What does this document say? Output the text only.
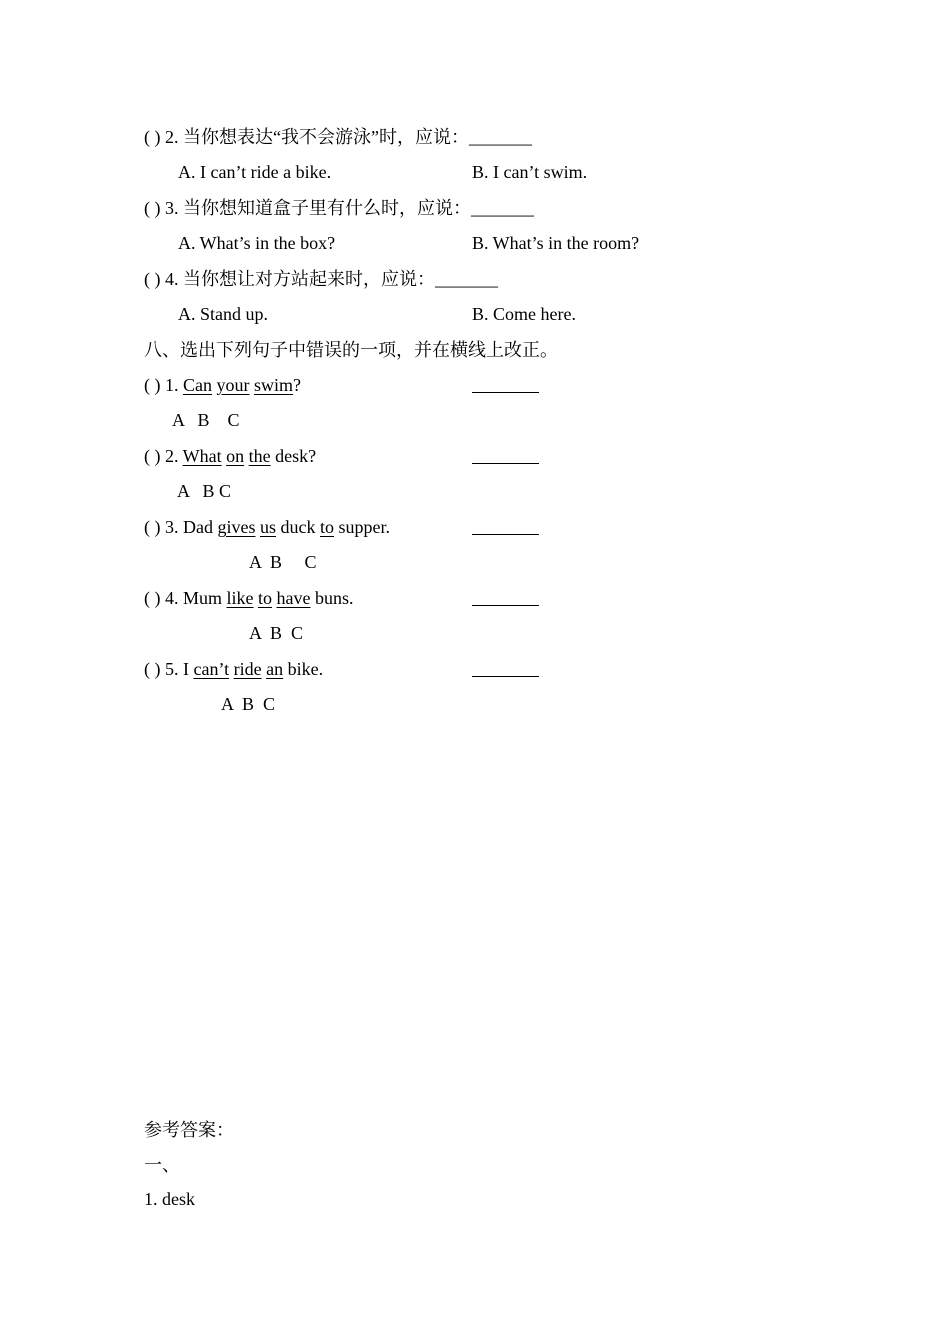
( ) 2. 当你想表达“我不会游泳”时，应说：_______
A. I can’t ride a bike.	B. I can’t swim.
( ) 3. 当你想知道盒子里有什么时，应说：_______
A. What’s in the box?	B. What’s in the room?
( ) 4. 当你想让对方站起来时，应说：_______
A. Stand up.	B. Come here.
八、选出下列句子中错误的一项，并在横线上改正。
( ) 1. Can your swim?
A   B    C
( ) 2. What on the desk?
A   B C
( ) 3. Dad gives us duck to supper.
A  B     C
( ) 4. Mum like to have buns.
A  B  C
( ) 5. I can’t ride an bike.
A  B  C
参考答案：
一、
1. desk
